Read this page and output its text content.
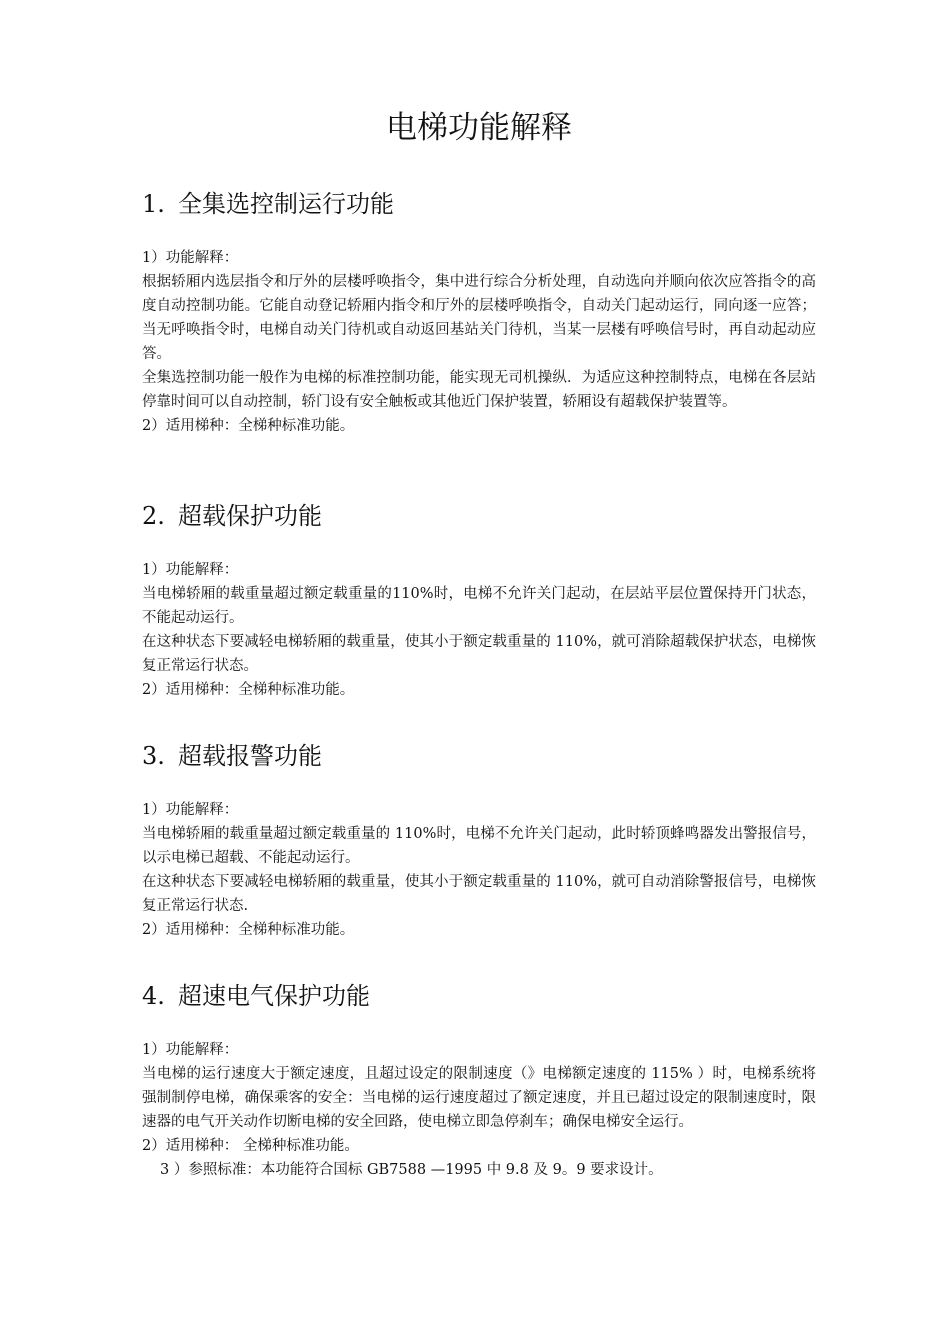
电梯功能解释
1. 全集选控制运行功能

1）功能解释：

根据轿厢内选层指令和厅外的层楼呼唤指令，集中进行综合分析处理，自动选向并顺向依次应答指令的高度自动控制功能。它能自动登记轿厢内指令和厅外的层楼呼唤指令，自动关门起动运行，同向逐一应答；当无呼唤指令时，电梯自动关门待机或自动返回基站关门待机，当某一层楼有呼唤信号时，再自动起动应答。

全集选控制功能一般作为电梯的标准控制功能，能实现无司机操纵．为适应这种控制特点，电梯在各层站停靠时间可以自动控制，轿门设有安全触板或其他近门保护装置，轿厢设有超载保护装置等。

2）适用梯种：全梯种标准功能。

2. 超载保护功能

1）功能解释：

当电梯轿厢的载重量超过额定载重量的110%时，电梯不允许关门起动，在层站平层位置保持开门状态，不能起动运行。

在这种状态下要减轻电梯轿厢的载重量，使其小于额定载重量的 110%，就可消除超载保护状态，电梯恢复正常运行状态。

2）适用梯种：全梯种标准功能。

3. 超载报警功能

1）功能解释：

当电梯轿厢的载重量超过额定载重量的 110%时，电梯不允许关门起动，此时轿顶蜂鸣器发出警报信号，以示电梯已超载、不能起动运行。

在这种状态下要减轻电梯轿厢的载重量，使其小于额定载重量的 110%，就可自动消除警报信号，电梯恢复正常运行状态.

2）适用梯种：全梯种标准功能。

4. 超速电气保护功能

1）功能解释：

当电梯的运行速度大于额定速度，且超过设定的限制速度（》电梯额定速度的 115% ）时，电梯系统将强制制停电梯，确保乘客的安全：当电梯的运行速度超过了额定速度，并且已超过设定的限制速度时，限速器的电气开关动作切断电梯的安全回路，使电梯立即急停刹车；确保电梯安全运行。

2）适用梯种： 全梯种标准功能。

3 ）参照标准：本功能符合国标 GB7588 —1995 中 9.8 及 9。9 要求设计。
